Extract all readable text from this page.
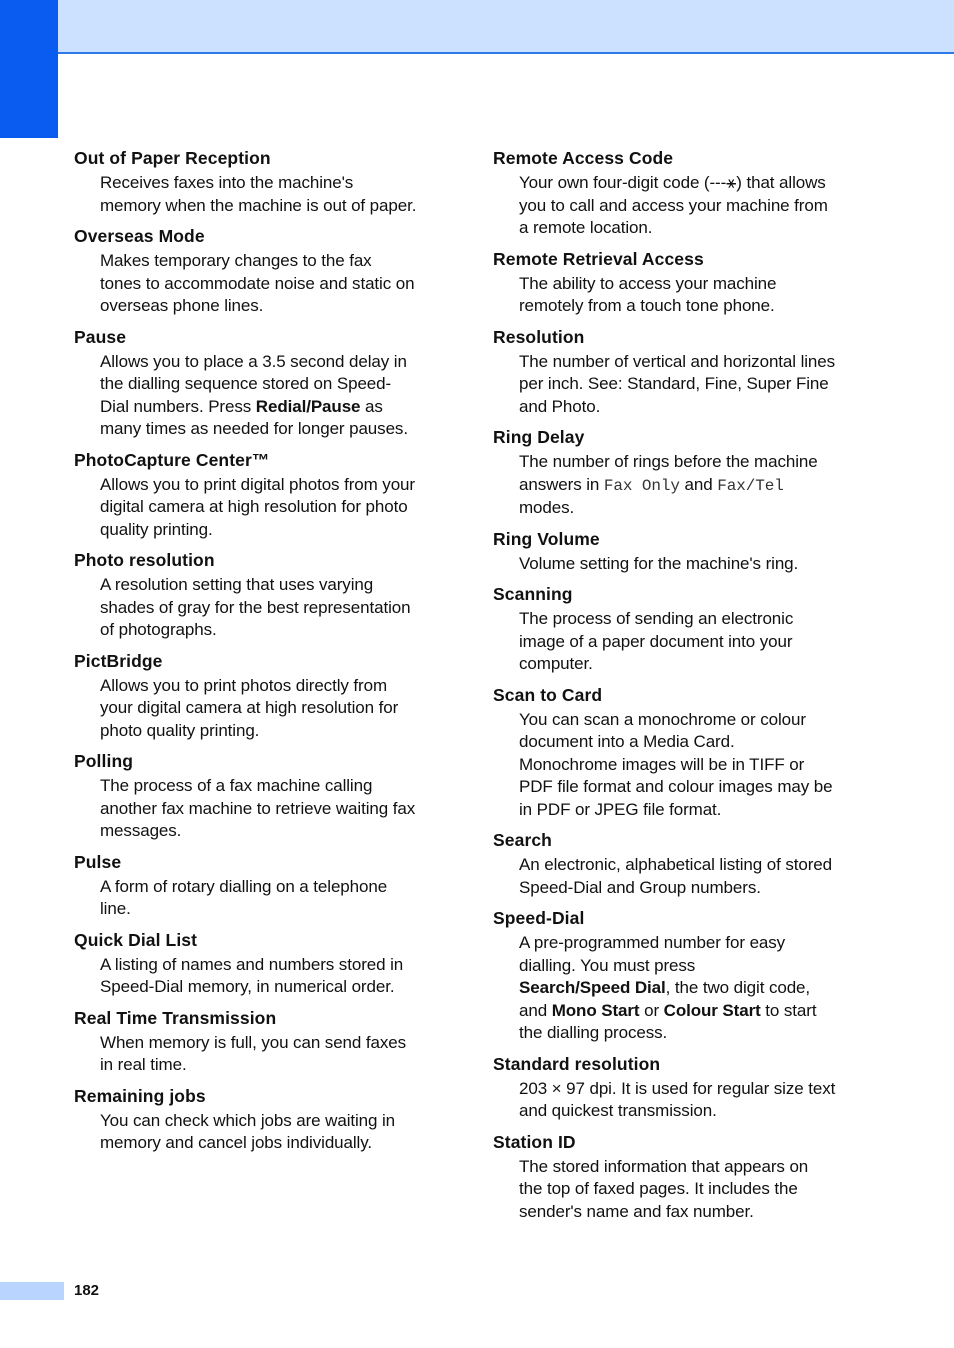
Out of Paper Reception
Receives faxes into the machine's
memory when the machine is out of paper.
Overseas Mode
Makes temporary changes to the fax
tones to accommodate noise and static on
overseas phone lines.
Pause
Allows you to place a 3.5 second delay in
the dialling sequence stored on Speed-
Dial numbers. Press Redial/Pause as
many times as needed for longer pauses.
PhotoCapture Center™
Allows you to print digital photos from your
digital camera at high resolution for photo
quality printing.
Photo resolution
A resolution setting that uses varying
shades of gray for the best representation
of photographs.
PictBridge
Allows you to print photos directly from
your digital camera at high resolution for
photo quality printing.
Polling
The process of a fax machine calling
another fax machine to retrieve waiting fax
messages.
Pulse
A form of rotary dialling on a telephone
line.
Quick Dial List
A listing of names and numbers stored in
Speed-Dial memory, in numerical order.
Real Time Transmission
When memory is full, you can send faxes
in real time.
Remaining jobs
You can check which jobs are waiting in
memory and cancel jobs individually.
Remote Access Code
Your own four-digit code (---⚹) that allows
you to call and access your machine from
a remote location.
Remote Retrieval Access
The ability to access your machine
remotely from a touch tone phone.
Resolution
The number of vertical and horizontal lines
per inch. See: Standard, Fine, Super Fine
and Photo.
Ring Delay
The number of rings before the machine
answers in Fax Only and Fax/Tel
modes.
Ring Volume
Volume setting for the machine's ring.
Scanning
The process of sending an electronic
image of a paper document into your
computer.
Scan to Card
You can scan a monochrome or colour
document into a Media Card.
Monochrome images will be in TIFF or
PDF file format and colour images may be
in PDF or JPEG file format.
Search
An electronic, alphabetical listing of stored
Speed-Dial and Group numbers.
Speed-Dial
A pre-programmed number for easy
dialling. You must press
Search/Speed Dial, the two digit code,
and Mono Start or Colour Start to start
the dialling process.
Standard resolution
203 × 97 dpi. It is used for regular size text
and quickest transmission.
Station ID
The stored information that appears on
the top of faxed pages. It includes the
sender's name and fax number.
182
